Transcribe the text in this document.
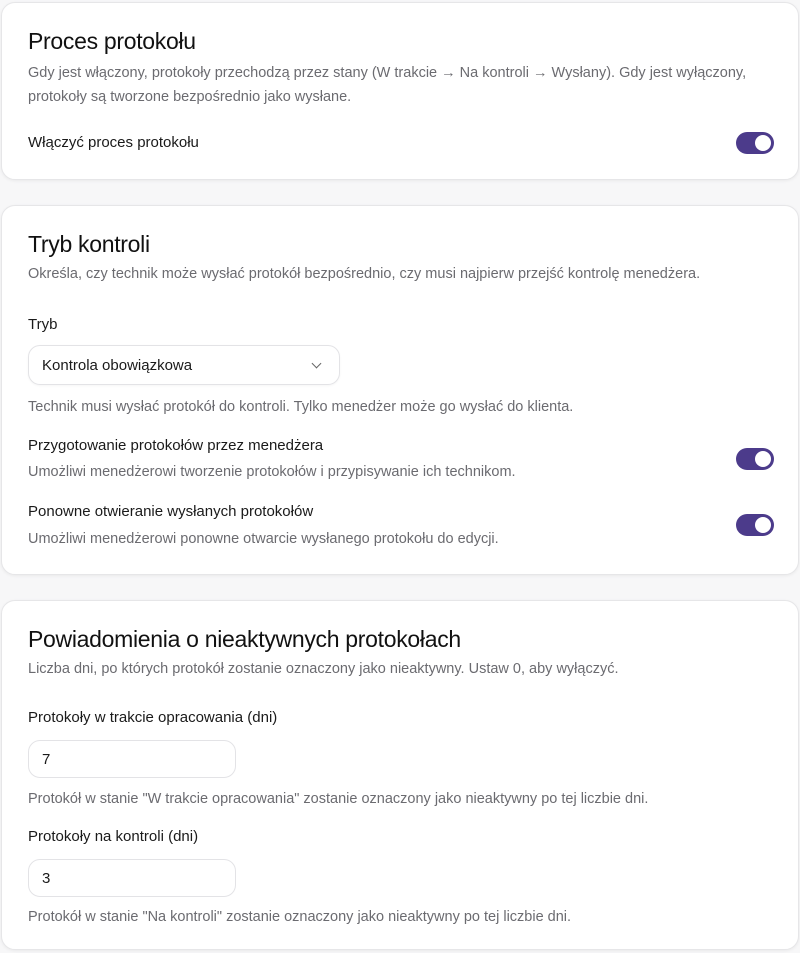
Proces protokołu

Gdy jest włączony, protokoły przechodzą przez stany (W trakcie → Na kontroli → Wysłany). Gdy jest wyłączony, protokoły są tworzone bezpośrednio jako wysłane.

Włączyć proces protokołu
Tryb kontroli

Określa, czy technik może wysłać protokół bezpośrednio, czy musi najpierw przejść kontrolę menedżera.

Tryb
Kontrola obowiązkowa

Technik musi wysłać protokół do kontroli. Tylko menedżer może go wysłać do klienta.

Przygotowanie protokołów przez menedżera

Umożliwi menedżerowi tworzenie protokołów i przypisywanie ich technikom.

Ponowne otwieranie wysłanych protokołów

Umożliwi menedżerowi ponowne otwarcie wysłanego protokołu do edycji.

Powiadomienia o nieaktywnych protokołach

Liczba dni, po których protokół zostanie oznaczony jako nieaktywny. Ustaw 0, aby wyłączyć.

Protokoły w trakcie opracowania (dni)
7

Protokół w stanie "W trakcie opracowania" zostanie oznaczony jako nieaktywny po tej liczbie dni.

Protokoły na kontroli (dni)
3

Protokół w stanie "Na kontroli" zostanie oznaczony jako nieaktywny po tej liczbie dni.
